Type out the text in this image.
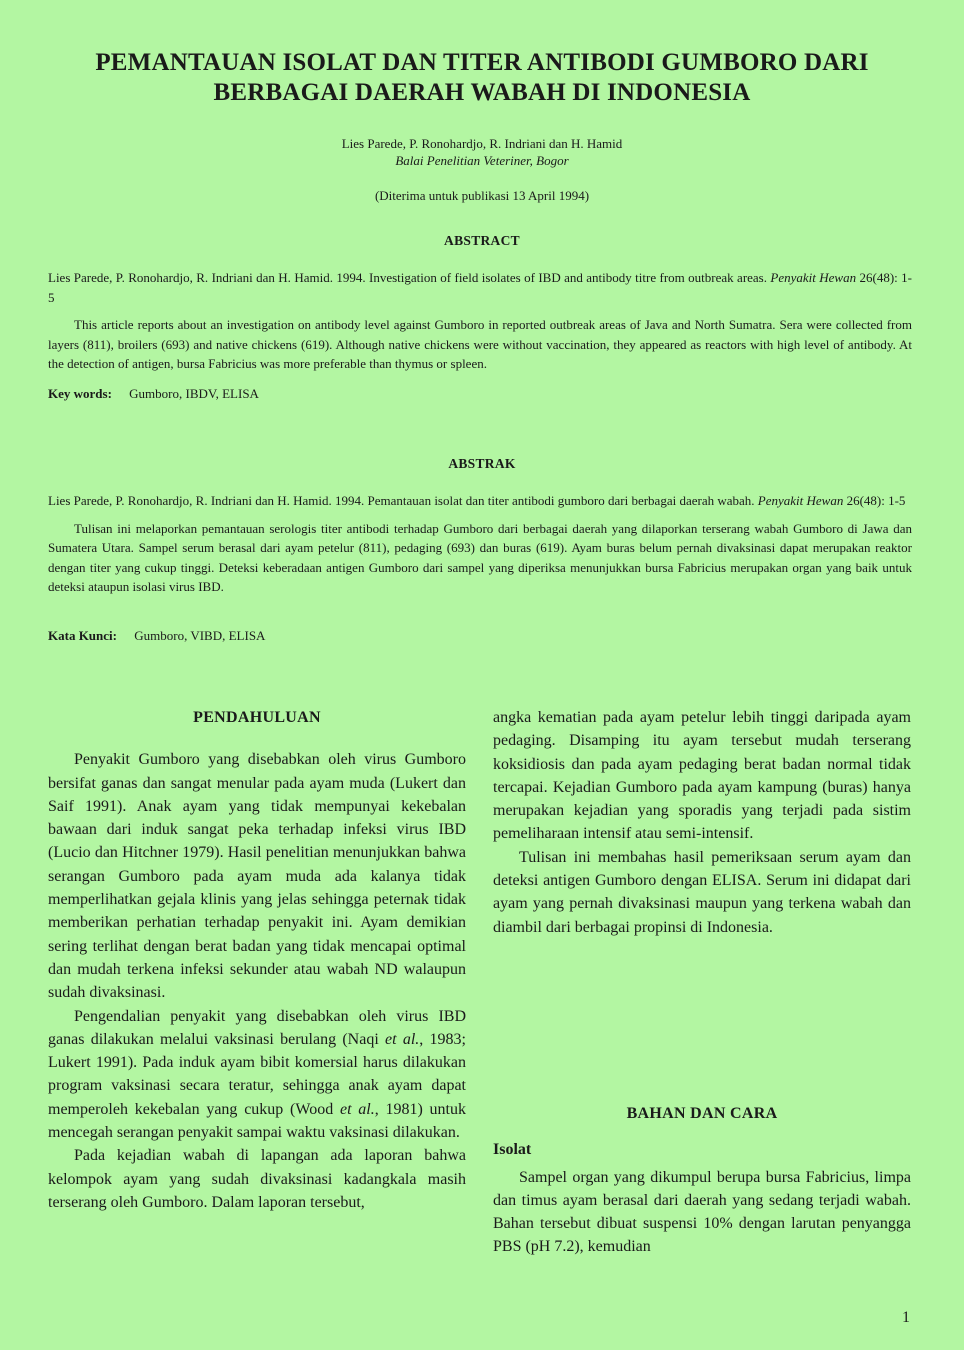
PEMANTAUAN ISOLAT DAN TITER ANTIBODI GUMBORO DARI
BERBAGAI DAERAH WABAH DI INDONESIA
Lies Parede, P. Ronohardjo, R. Indriani dan H. Hamid
Balai Penelitian Veteriner, Bogor
(Diterima untuk publikasi 13 April 1994)
ABSTRACT

Lies Parede, P. Ronohardjo, R. Indriani dan H. Hamid. 1994. Investigation of field isolates of IBD and antibody titre from outbreak areas. Penyakit Hewan 26(48): 1-5

This article reports about an investigation on antibody level against Gumboro in reported outbreak areas of Java and North Sumatra. Sera were collected from layers (811), broilers (693) and native chickens (619). Although native chickens were without vaccination, they appeared as reactors with high level of antibody. At the detection of antigen, bursa Fabricius was more preferable than thymus or spleen.

Key words: Gumboro, IBDV, ELISA
ABSTRAK

Lies Parede, P. Ronohardjo, R. Indriani dan H. Hamid. 1994. Pemantauan isolat dan titer antibodi gumboro dari berbagai daerah wabah. Penyakit Hewan 26(48): 1-5

Tulisan ini melaporkan pemantauan serologis titer antibodi terhadap Gumboro dari berbagai daerah yang dilaporkan terserang wabah Gumboro di Jawa dan Sumatera Utara. Sampel serum berasal dari ayam petelur (811), pedaging (693) dan buras (619). Ayam buras belum pernah divaksinasi dapat merupakan reaktor dengan titer yang cukup tinggi. Deteksi keberadaan antigen Gumboro dari sampel yang diperiksa menunjukkan bursa Fabricius merupakan organ yang baik untuk deteksi ataupun isolasi virus IBD.

Kata Kunci: Gumboro, VIBD, ELISA
PENDAHULUAN

Penyakit Gumboro yang disebabkan oleh virus Gumboro bersifat ganas dan sangat menular pada ayam muda (Lukert dan Saif 1991). Anak ayam yang tidak mempunyai kekebalan bawaan dari induk sangat peka terhadap infeksi virus IBD (Lucio dan Hitchner 1979). Hasil penelitian menunjukkan bahwa serangan Gumboro pada ayam muda ada kalanya tidak memperlihatkan gejala klinis yang jelas sehingga peternak tidak memberikan perhatian terhadap penyakit ini. Ayam demikian sering terlihat dengan berat badan yang tidak mencapai optimal dan mudah terkena infeksi sekunder atau wabah ND walaupun sudah divaksinasi.

Pengendalian penyakit yang disebabkan oleh virus IBD ganas dilakukan melalui vaksinasi berulang (Naqi et al., 1983; Lukert 1991). Pada induk ayam bibit komersial harus dilakukan program vaksinasi secara teratur, sehingga anak ayam dapat memperoleh kekebalan yang cukup (Wood et al., 1981) untuk mencegah serangan penyakit sampai waktu vaksinasi dilakukan.

Pada kejadian wabah di lapangan ada laporan bahwa kelompok ayam yang sudah divaksinasi kadangkala masih terserang oleh Gumboro. Dalam laporan tersebut,

angka kematian pada ayam petelur lebih tinggi daripada ayam pedaging. Disamping itu ayam tersebut mudah terserang koksidiosis dan pada ayam pedaging berat badan normal tidak tercapai. Kejadian Gumboro pada ayam kampung (buras) hanya merupakan kejadian yang sporadis yang terjadi pada sistim pemeliharaan intensif atau semi-intensif.

Tulisan ini membahas hasil pemeriksaan serum ayam dan deteksi antigen Gumboro dengan ELISA. Serum ini didapat dari ayam yang pernah divaksinasi maupun yang terkena wabah dan diambil dari berbagai propinsi di Indonesia.

BAHAN DAN CARA
Isolat

Sampel organ yang dikumpul berupa bursa Fabricius, limpa dan timus ayam berasal dari daerah yang sedang terjadi wabah. Bahan tersebut dibuat suspensi 10% dengan larutan penyangga PBS (pH 7.2), kemudian

1
